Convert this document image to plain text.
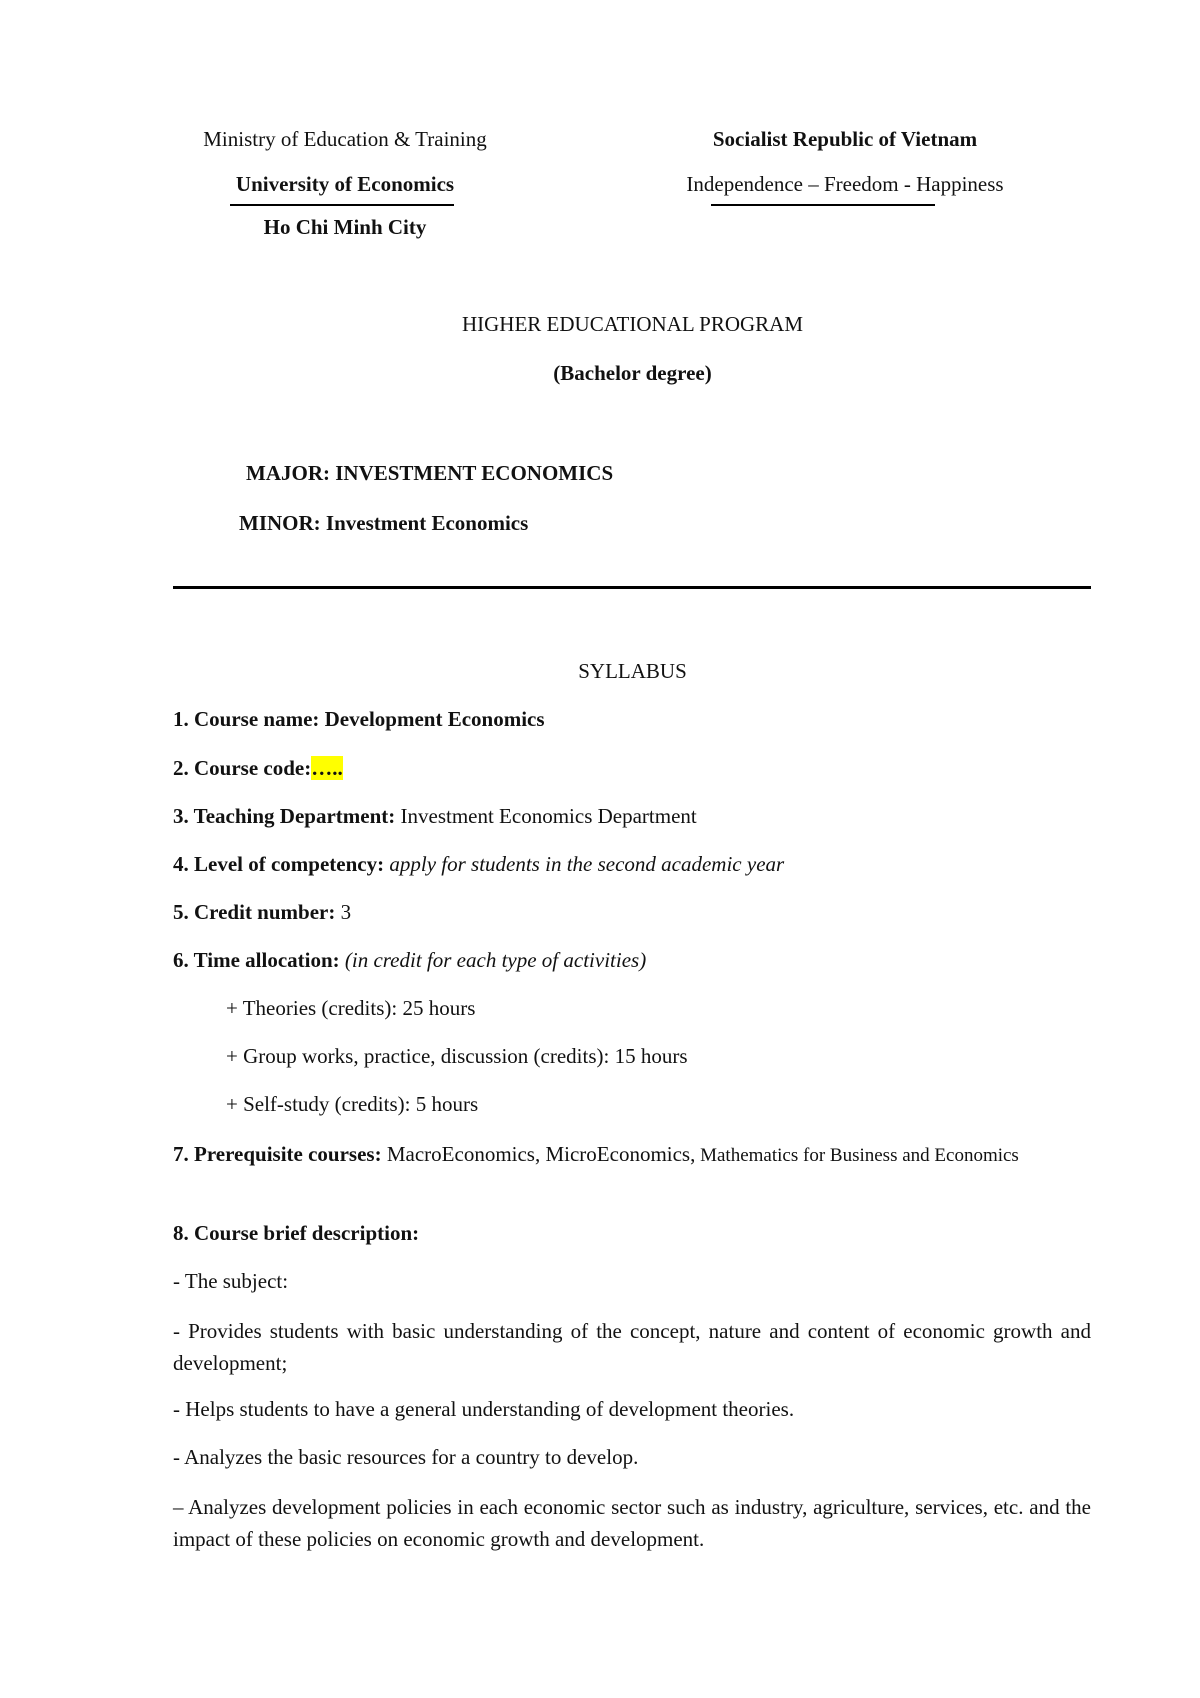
Ministry of Education & Training
University of Economics
Ho Chi Minh City
Socialist Republic of Vietnam
Independence – Freedom - Happiness
HIGHER EDUCATIONAL PROGRAM
(Bachelor degree)
MAJOR: INVESTMENT ECONOMICS
MINOR: Investment Economics
SYLLABUS
1. Course name: Development Economics
2. Course code:…..
3. Teaching Department: Investment Economics Department
4. Level of competency: apply for students in the second academic year
5. Credit number: 3
6. Time allocation: (in credit for each type of activities)
+ Theories (credits): 25 hours
+ Group works, practice, discussion (credits): 15 hours
+ Self-study (credits): 5 hours
7. Prerequisite courses: MacroEconomics, MicroEconomics, Mathematics for Business and Economics
8. Course brief description:
- The subject:
- Provides students with basic understanding of the concept, nature and content of economic growth and development;
- Helps students to have a general understanding of development theories.
- Analyzes the basic resources for a country to develop.
– Analyzes development policies in each economic sector such as industry, agriculture, services, etc. and the impact of these policies on economic growth and development.
